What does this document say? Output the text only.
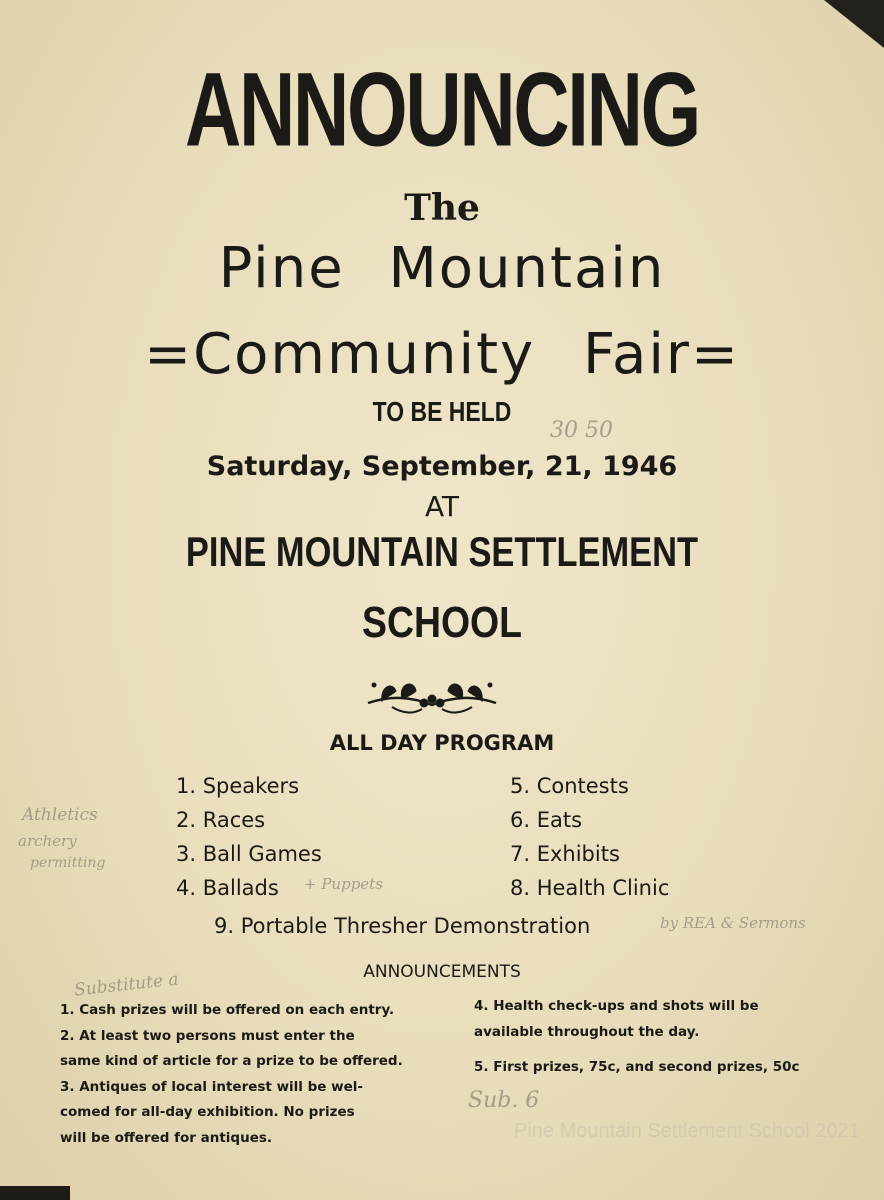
ANNOUNCING
The
Pine Mountain
=Community Fair=
TO BE HELD
Saturday, September, 21, 1946
AT
PINE MOUNTAIN SETTLEMENT
SCHOOL
ALL DAY PROGRAM
1. Speakers
2. Races
3. Ball Games
4. Ballads
5. Contests
6. Eats
7. Exhibits
8. Health Clinic
9. Portable Thresher Demonstration
ANNOUNCEMENTS
1. Cash prizes will be offered on each entry.
2. At least two persons must enter the
same kind of article for a prize to be offered.
3. Antiques of local interest will be wel-
comed for all-day exhibition. No prizes
will be offered for antiques.
4. Health check-ups and shots will be
available throughout the day.
5. First prizes, 75c, and second prizes, 50c
30 50
Athletics
archery
permitting
+ Puppets
by REA & Sermons
Substitute a
Sub. 6
Pine Mountain Settlement School 2021
